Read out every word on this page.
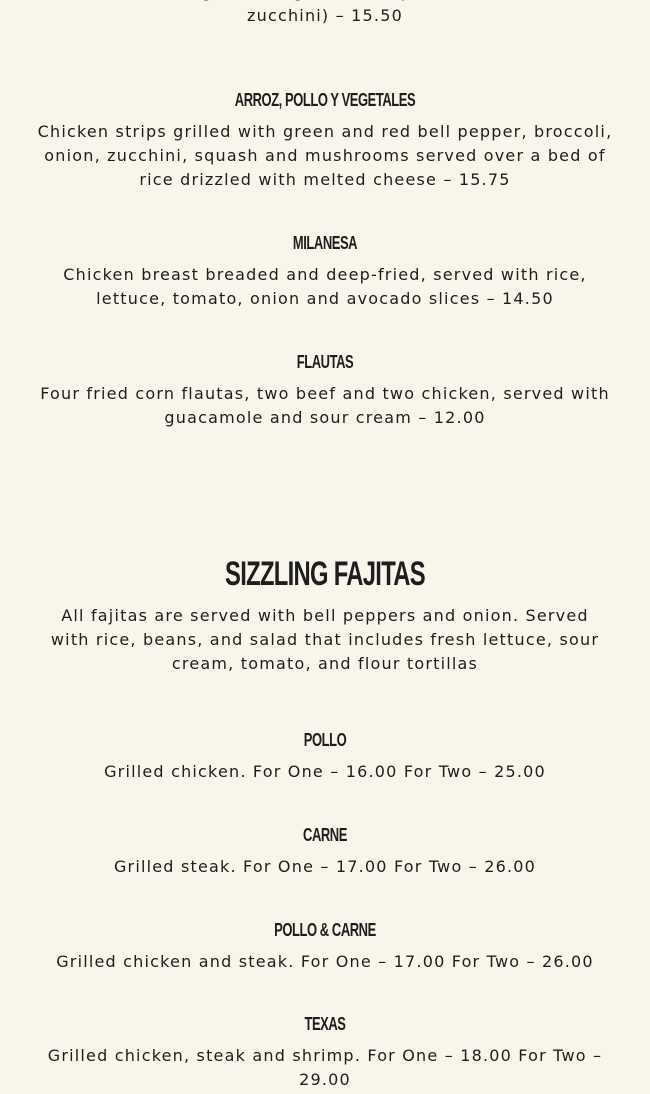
zucchini) – 15.50

ARROZ, POLLO Y VEGETALES

Chicken strips grilled with green and red bell pepper, broccoli, onion, zucchini, squash and mushrooms served over a bed of rice drizzled with melted cheese – 15.75

MILANESA

Chicken breast breaded and deep-fried, served with rice, lettuce, tomato, onion and avocado slices – 14.50

FLAUTAS

Four fried corn flautas, two beef and two chicken, served with guacamole and sour cream – 12.00

SIZZLING FAJITAS

All fajitas are served with bell peppers and onion. Served with rice, beans, and salad that includes fresh lettuce, sour cream, tomato, and flour tortillas

POLLO

Grilled chicken. For One – 16.00 For Two – 25.00

CARNE

Grilled steak. For One – 17.00 For Two – 26.00

POLLO & CARNE

Grilled chicken and steak. For One – 17.00 For Two – 26.00

TEXAS

Grilled chicken, steak and shrimp. For One – 18.00 For Two – 29.00
